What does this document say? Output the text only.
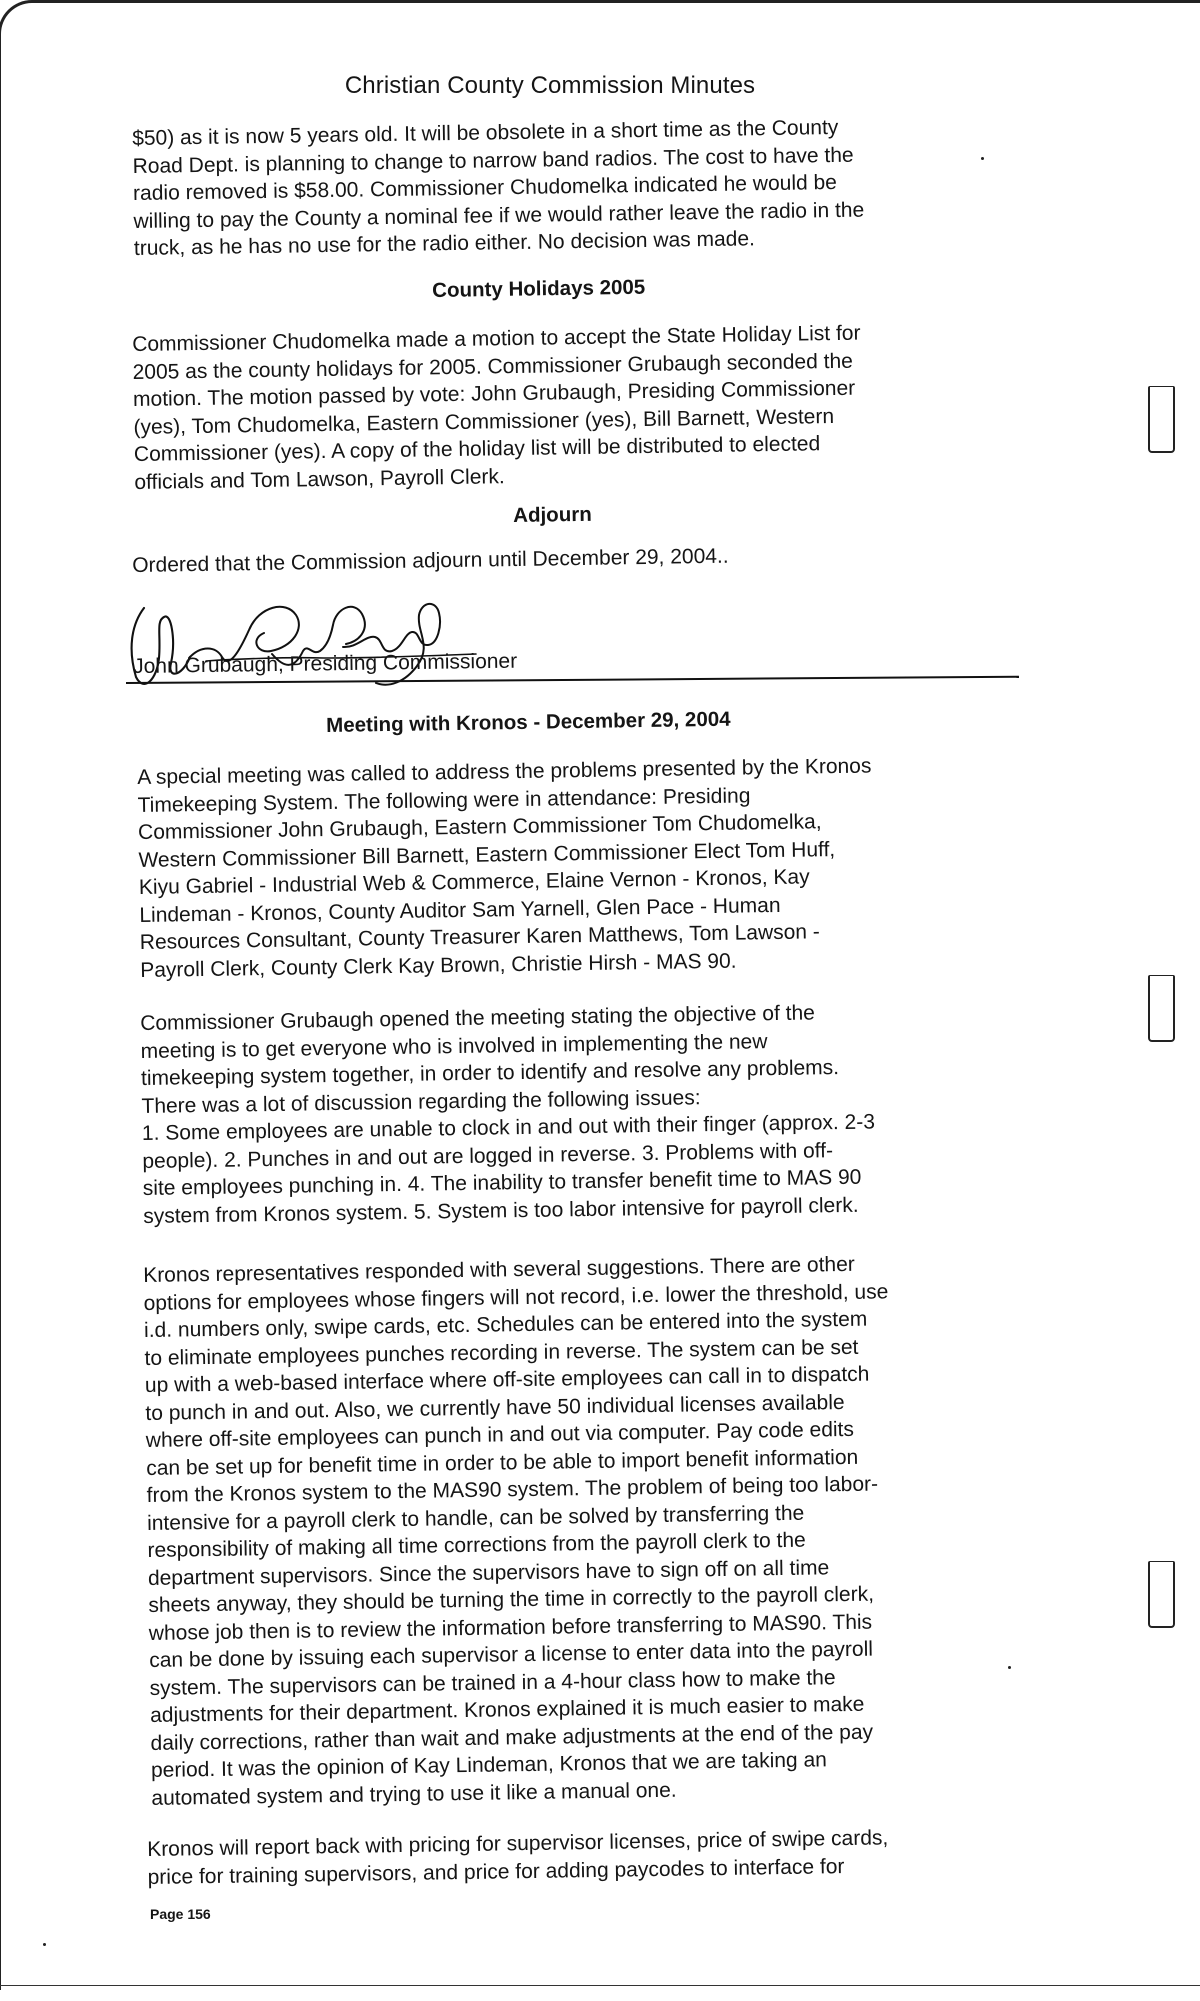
Christian County Commission Minutes

$50) as it is now 5 years old. It will be obsolete in a short time as the County
Road Dept. is planning to change to narrow band radios. The cost to have the
radio removed is $58.00. Commissioner Chudomelka indicated he would be
willing to pay the County a nominal fee if we would rather leave the radio in the
truck, as he has no use for the radio either. No decision was made.

County Holidays 2005

Commissioner Chudomelka made a motion to accept the State Holiday List for
2005 as the county holidays for 2005. Commissioner Grubaugh seconded the
motion. The motion passed by vote: John Grubaugh, Presiding Commissioner
(yes), Tom Chudomelka, Eastern Commissioner (yes), Bill Barnett, Western
Commissioner (yes). A copy of the holiday list will be distributed to elected
officials and Tom Lawson, Payroll Clerk.

Adjourn

Ordered that the Commission adjourn until December 29, 2004..

John Grubaugh, Presiding Commissioner
Meeting with Kronos - December 29, 2004

A special meeting was called to address the problems presented by the Kronos
Timekeeping System. The following were in attendance: Presiding
Commissioner John Grubaugh, Eastern Commissioner Tom Chudomelka,
Western Commissioner Bill Barnett, Eastern Commissioner Elect Tom Huff,
Kiyu Gabriel - Industrial Web & Commerce, Elaine Vernon - Kronos, Kay
Lindeman - Kronos, County Auditor Sam Yarnell, Glen Pace - Human
Resources Consultant, County Treasurer Karen Matthews, Tom Lawson -
Payroll Clerk, County Clerk Kay Brown, Christie Hirsh - MAS 90.

Commissioner Grubaugh opened the meeting stating the objective of the
meeting is to get everyone who is involved in implementing the new
timekeeping system together, in order to identify and resolve any problems.
There was a lot of discussion regarding the following issues:
1. Some employees are unable to clock in and out with their finger (approx. 2-3
people). 2. Punches in and out are logged in reverse. 3. Problems with off-
site employees punching in. 4. The inability to transfer benefit time to MAS 90
system from Kronos system. 5. System is too labor intensive for payroll clerk.

Kronos representatives responded with several suggestions. There are other
options for employees whose fingers will not record, i.e. lower the threshold, use
i.d. numbers only, swipe cards, etc. Schedules can be entered into the system
to eliminate employees punches recording in reverse. The system can be set
up with a web-based interface where off-site employees can call in to dispatch
to punch in and out. Also, we currently have 50 individual licenses available
where off-site employees can punch in and out via computer. Pay code edits
can be set up for benefit time in order to be able to import benefit information
from the Kronos system to the MAS90 system. The problem of being too labor-
intensive for a payroll clerk to handle, can be solved by transferring the
responsibility of making all time corrections from the payroll clerk to the
department supervisors. Since the supervisors have to sign off on all time
sheets anyway, they should be turning the time in correctly to the payroll clerk,
whose job then is to review the information before transferring to MAS90. This
can be done by issuing each supervisor a license to enter data into the payroll
system. The supervisors can be trained in a 4-hour class how to make the
adjustments for their department. Kronos explained it is much easier to make
daily corrections, rather than wait and make adjustments at the end of the pay
period. It was the opinion of Kay Lindeman, Kronos that we are taking an
automated system and trying to use it like a manual one.

Kronos will report back with pricing for supervisor licenses, price of swipe cards,
price for training supervisors, and price for adding paycodes to interface for

Page 156
